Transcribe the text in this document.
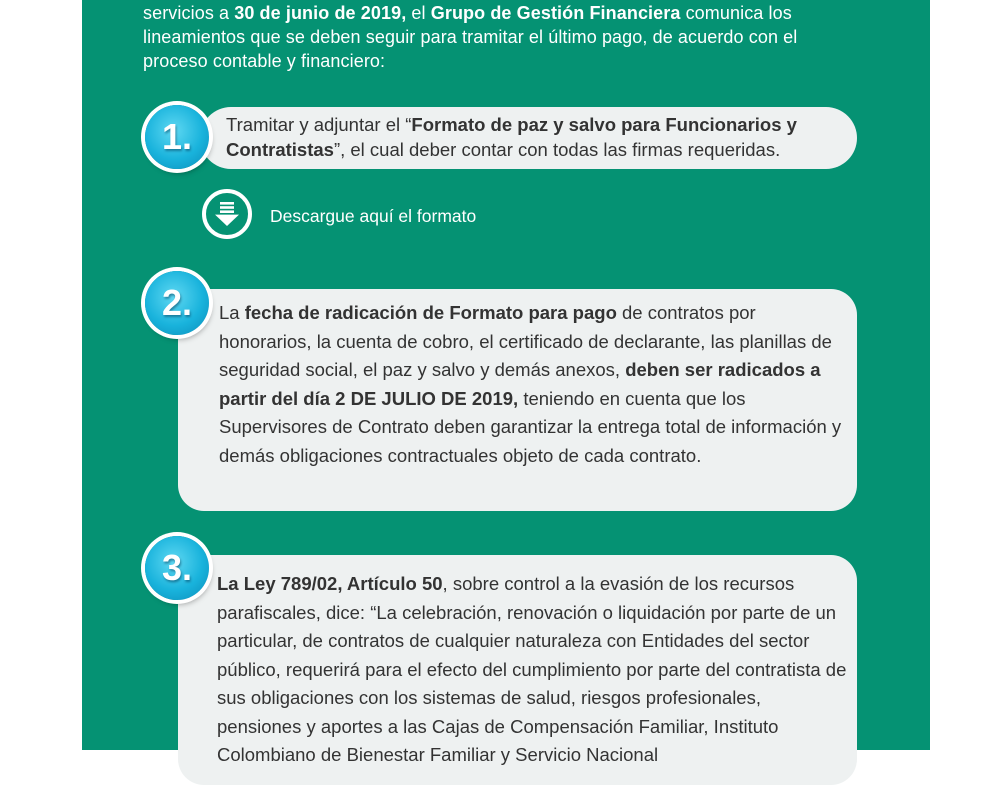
servicios a 30 de junio de 2019, el Grupo de Gestión Financiera comunica los
lineamientos que se deben seguir para tramitar el último pago, de acuerdo con el
proceso contable y financiero:
Tramitar y adjuntar el “Formato de paz y salvo para Funcionarios y Contratistas”, el cual deber contar con todas las firmas requeridas.
1.
Descargue aquí el formato
La fecha de radicación de Formato para pago de contratos por honorarios, la cuenta de cobro, el certificado de declarante, las planillas de seguridad social, el paz y salvo y demás anexos, deben ser radicados a partir del día 2 DE JULIO DE 2019, teniendo en cuenta que los Supervisores de Contrato deben garantizar la entrega total de información y demás obligaciones contractuales objeto de cada contrato.
2.
La Ley 789/02, Artículo 50, sobre control a la evasión de los recursos parafiscales, dice: “La celebración, renovación o liquidación por parte de un particular, de contratos de cualquier naturaleza con Entidades del sector público, requerirá para el efecto del cumplimiento por parte del contratista de sus obligaciones con los sistemas de salud, riesgos profesionales, pensiones y aportes a las Cajas de Compensación Familiar, Instituto Colombiano de Bienestar Familiar y Servicio Nacional
3.
